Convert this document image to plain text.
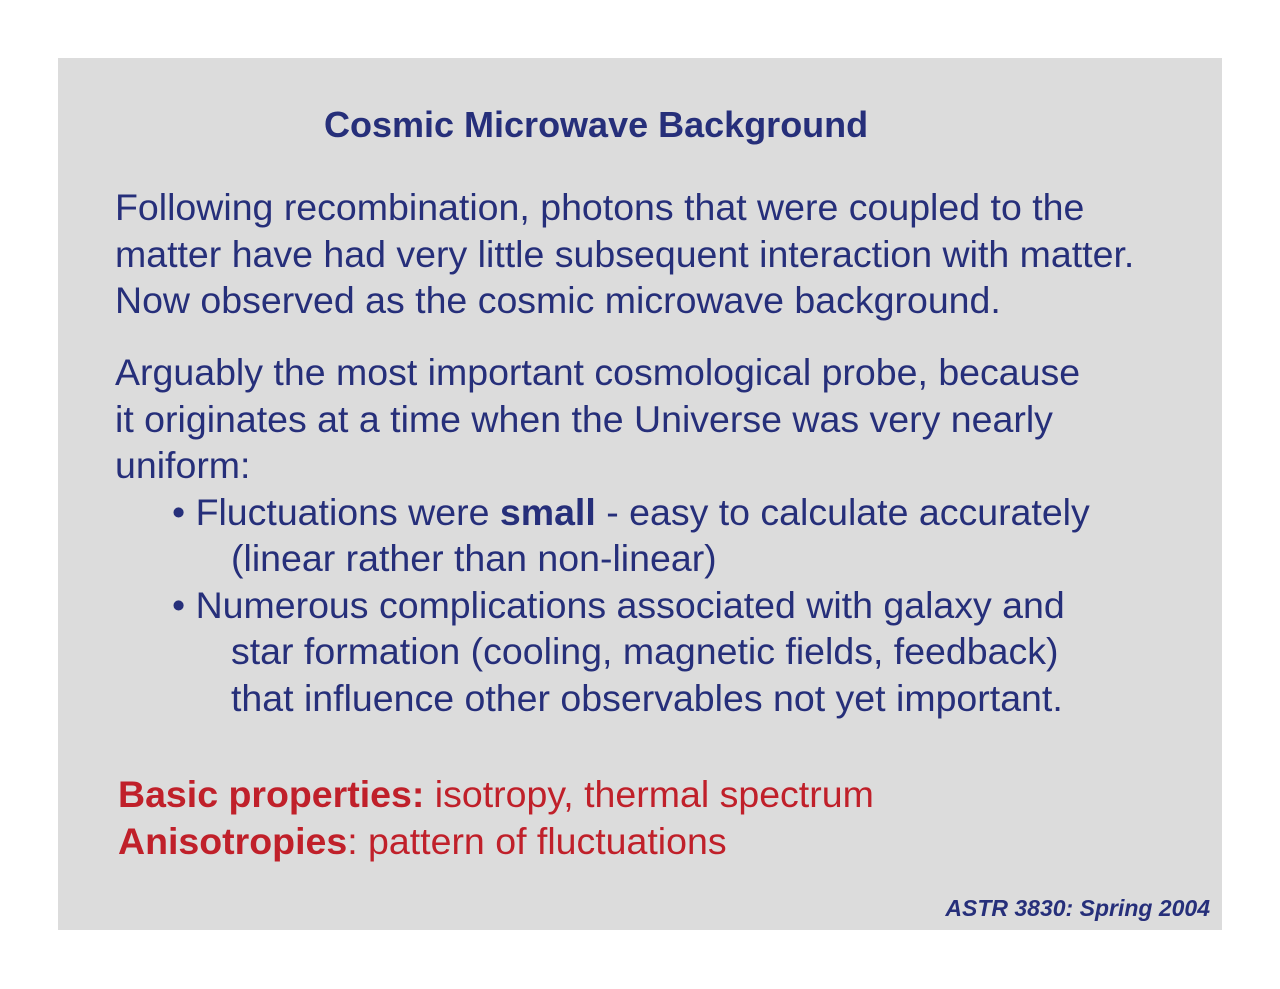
Cosmic Microwave Background
Following recombination, photons that were coupled to the
matter have had very little subsequent interaction with matter.
Now observed as the cosmic microwave background.
Arguably the most important cosmological probe, because
it originates at a time when the Universe was very nearly
uniform:
• Fluctuations were small - easy to calculate accurately
(linear rather than non-linear)
• Numerous complications associated with galaxy and
star formation (cooling, magnetic fields, feedback)
that influence other observables not yet important.
Basic properties: isotropy, thermal spectrum
Anisotropies: pattern of fluctuations
ASTR 3830: Spring 2004
